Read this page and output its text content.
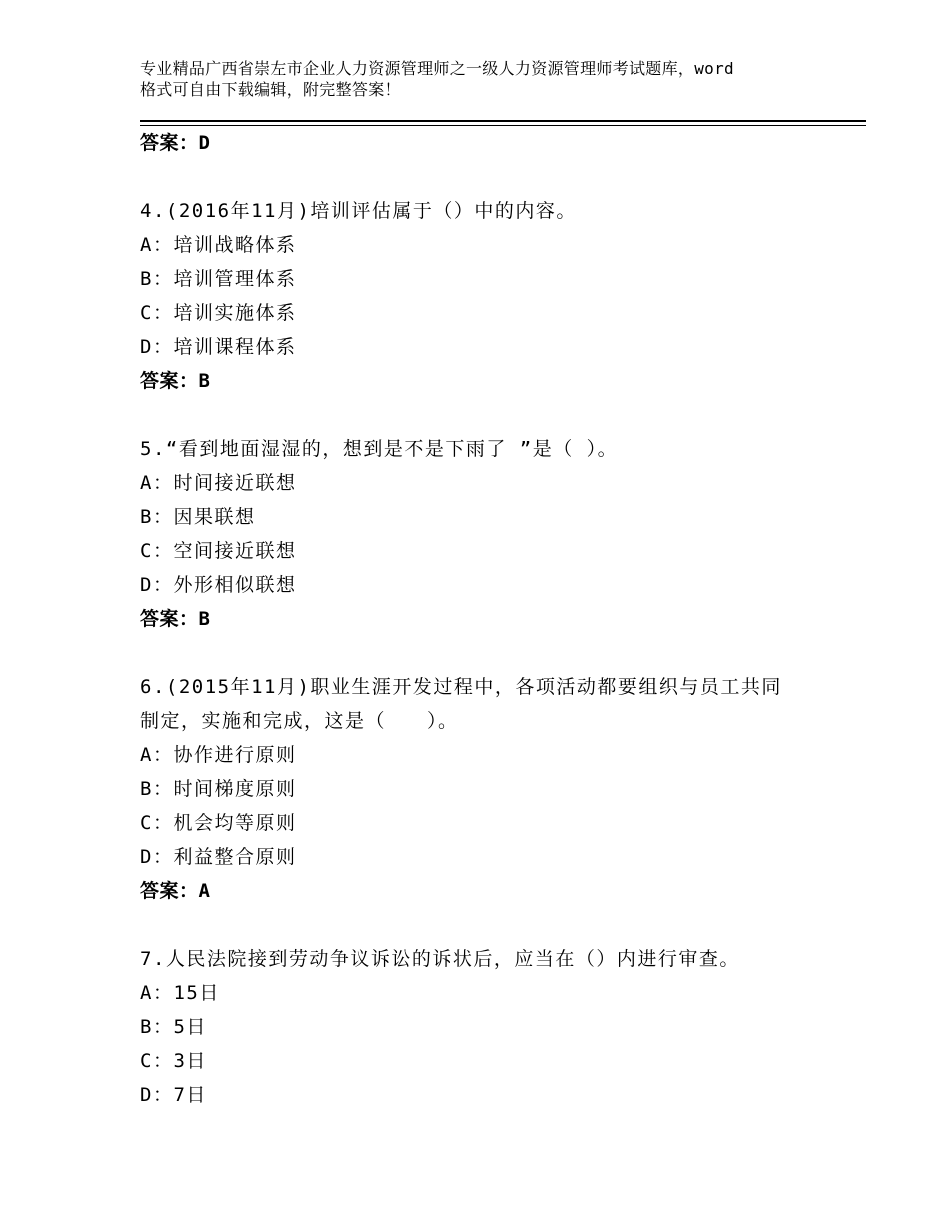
专业精品广西省崇左市企业人力资源管理师之一级人力资源管理师考试题库，word
格式可自由下载编辑，附完整答案！
答案：D
4.(2016年11月)培训评估属于（）中的内容。
A：培训战略体系
B：培训管理体系
C：培训实施体系
D：培训课程体系
答案：B
5.“看到地面湿湿的，想到是不是下雨了 ”是（ ）。
A：时间接近联想
B：因果联想
C：空间接近联想
D：外形相似联想
答案：B
6.(2015年11月)职业生涯开发过程中，各项活动都要组织与员工共同
制定，实施和完成，这是（　　）。
A：协作进行原则
B：时间梯度原则
C：机会均等原则
D：利益整合原则
答案：A
7.人民法院接到劳动争议诉讼的诉状后，应当在（）内进行审查。
A：15日
B：5日
C：3日
D：7日
